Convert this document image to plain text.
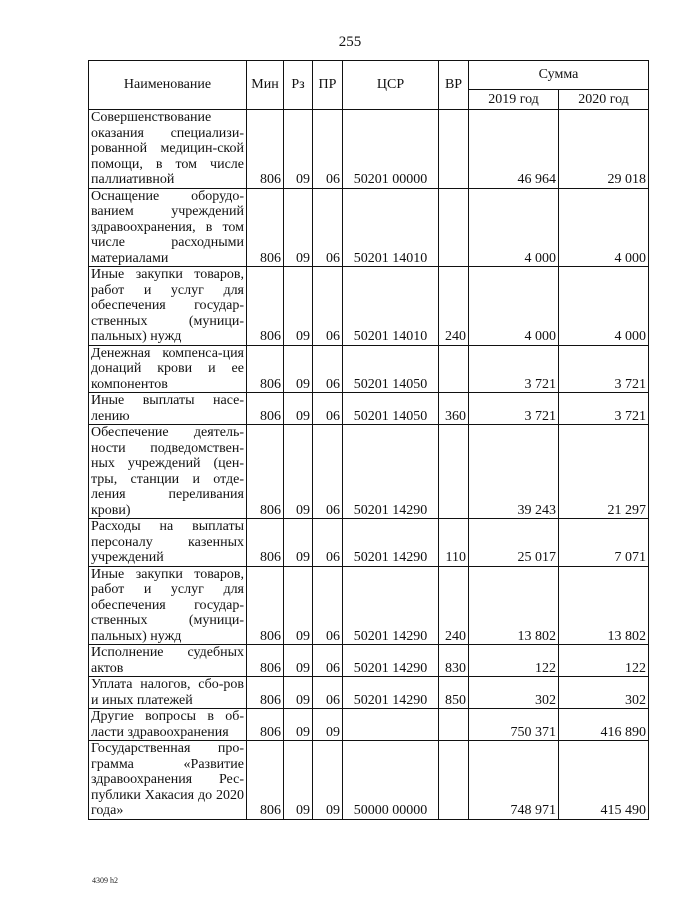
255
Наименование	Мин	Рз	ПР	ЦСР	ВР	Сумма	
						2019 год	2020 год
Совершенствование оказания специализи-рованной медицин-ской помощи, в том числе паллиативной	806	09	06	50201 00000		46 964	29 018
Оснащение оборудо-ванием учреждений здравоохранения, в том числе расходными материалами	806	09	06	50201 14010		4 000	4 000
Иные закупки товаров, работ и услуг для обеспечения государ-ственных (муници-пальных) нужд	806	09	06	50201 14010	240	4 000	4 000
Денежная компенса-ция донаций крови и ее компонентов	806	09	06	50201 14050		3 721	3 721
Иные выплаты насе-лению	806	09	06	50201 14050	360	3 721	3 721
Обеспечение деятель-ности подведомствен-ных учреждений (цен-тры, станции и отде-ления переливания крови)	806	09	06	50201 14290		39 243	21 297
Расходы на выплаты персоналу казенных учреждений	806	09	06	50201 14290	110	25 017	7 071
Иные закупки товаров, работ и услуг для обеспечения государ-ственных (муници-пальных) нужд	806	09	06	50201 14290	240	13 802	13 802
Исполнение судебных актов	806	09	06	50201 14290	830	122	122
Уплата налогов, сбо-ров и иных платежей	806	09	06	50201 14290	850	302	302
Другие вопросы в об-ласти здравоохранения	806	09	09			750 371	416 890
Государственная про-грамма «Развитие здравоохранения Рес-публики Хакасия до 2020 года»	806	09	09	50000 00000		748 971	415 490
4309 h2
